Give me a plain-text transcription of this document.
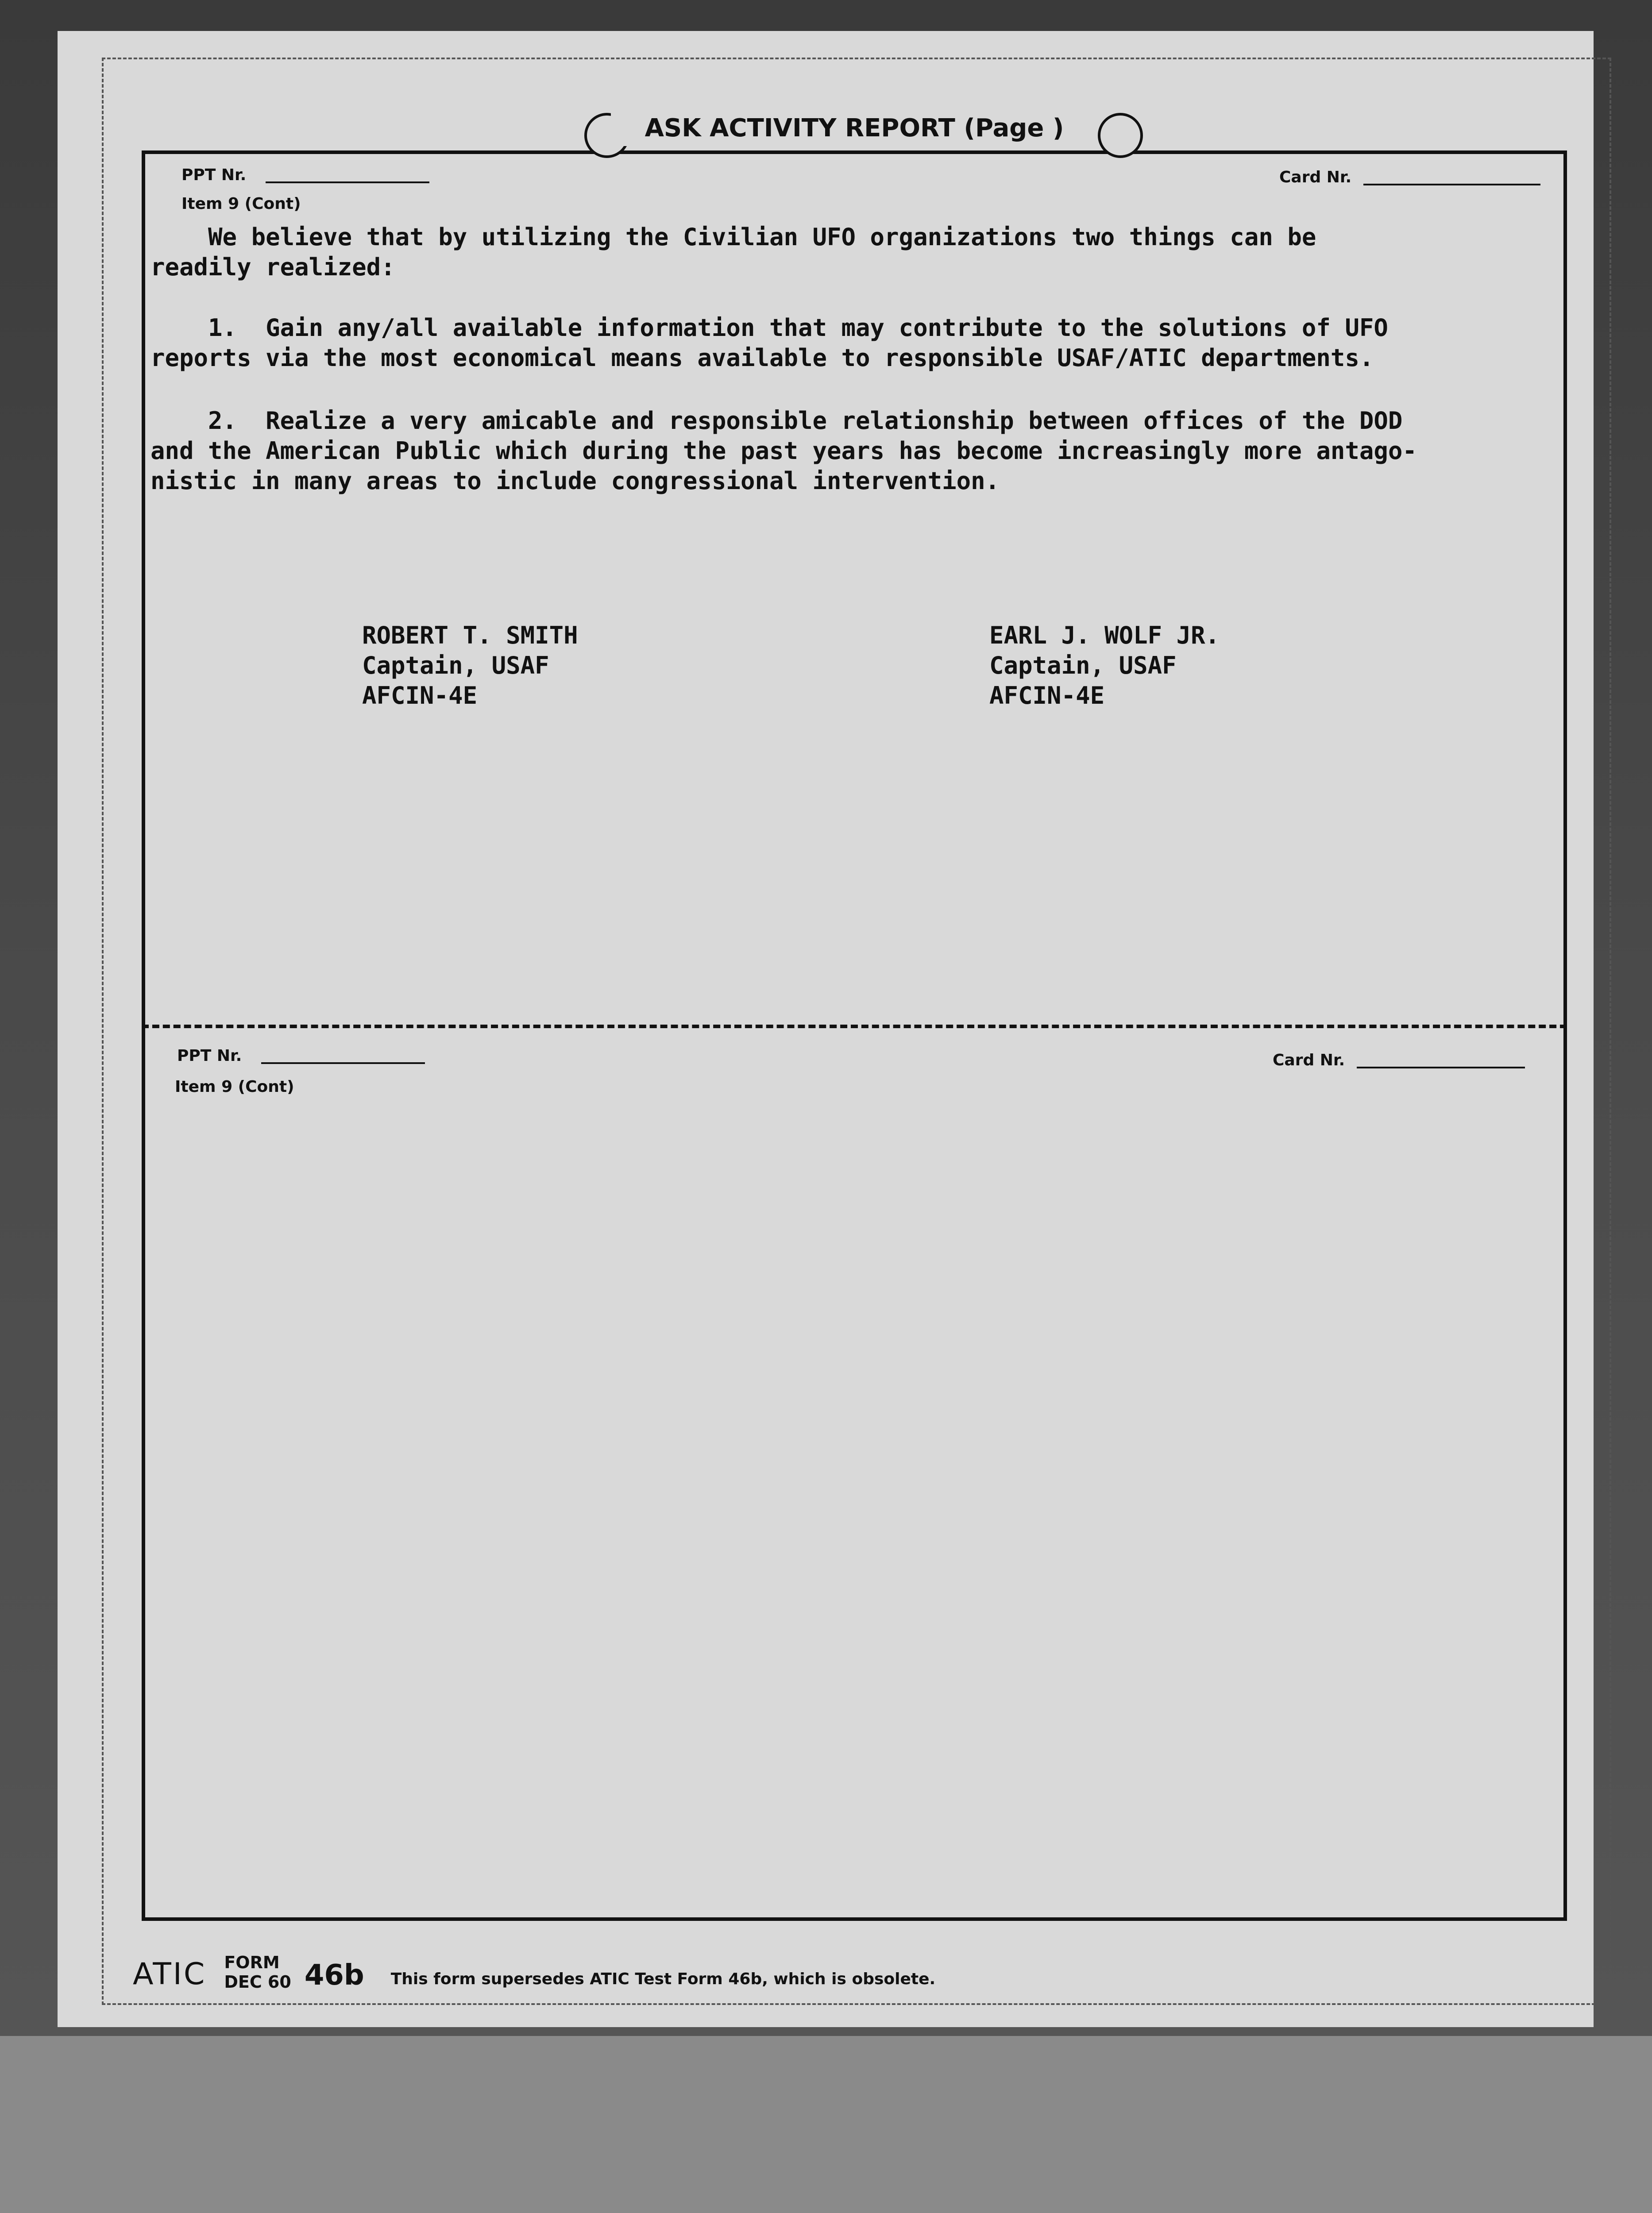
ASK ACTIVITY REPORT (Page )
PPT Nr.	Card Nr.
Item 9 (Cont)
We believe that by utilizing the Civilian UFO organizations two things can be
readily realized:
1.  Gain any/all available information that may contribute to the solutions of UFO
reports via the most economical means available to responsible USAF/ATIC departments.
2.  Realize a very amicable and responsible relationship between offices of the DOD
and the American Public which during the past years has become increasingly more antago-
nistic in many areas to include congressional intervention.
ROBERT T. SMITH
Captain, USAF
AFCIN-4E
EARL J. WOLF JR.
Captain, USAF
AFCIN-4E
PPT Nr.	Card Nr.
Item 9 (Cont)
ATIC FORM
DEC 60 46b This form supersedes ATIC Test Form 46b, which is obsolete.
